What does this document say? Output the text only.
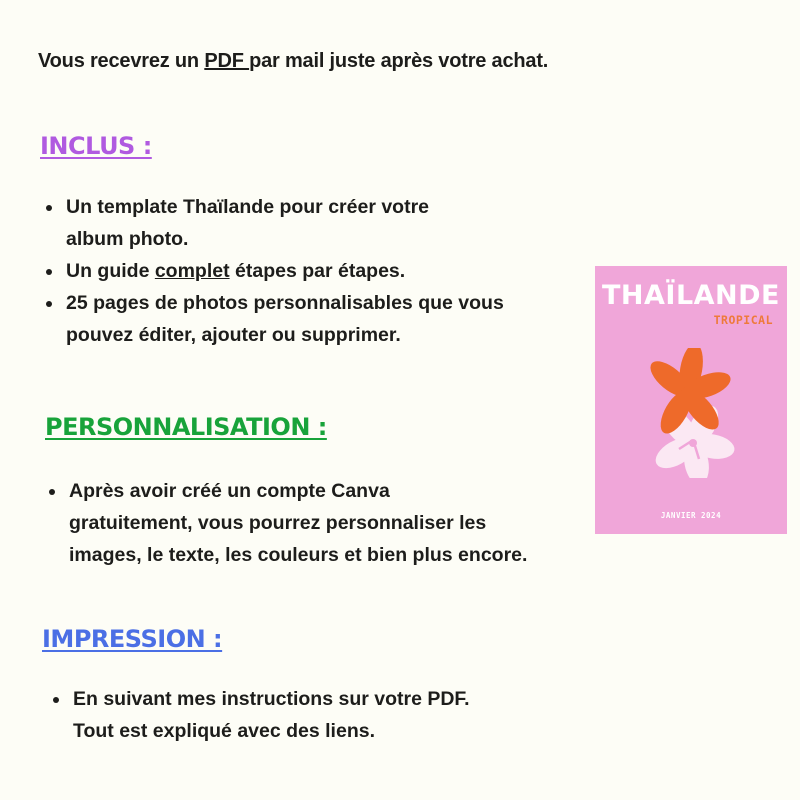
Vous recevrez un PDF par mail juste après votre achat.
INCLUS :
Un template Thaïlande pour créer votre
album photo.
Un guide complet étapes par étapes.
25 pages de photos personnalisables que vous
pouvez éditer, ajouter ou supprimer.
PERSONNALISATION :
Après avoir créé un compte Canva
gratuitement, vous pourrez personnaliser les
images, le texte, les couleurs et bien plus encore.
IMPRESSION :
En suivant mes instructions sur votre PDF.
Tout est expliqué avec des liens.
THAÏLANDE
TROPICAL
JANVIER 2024
